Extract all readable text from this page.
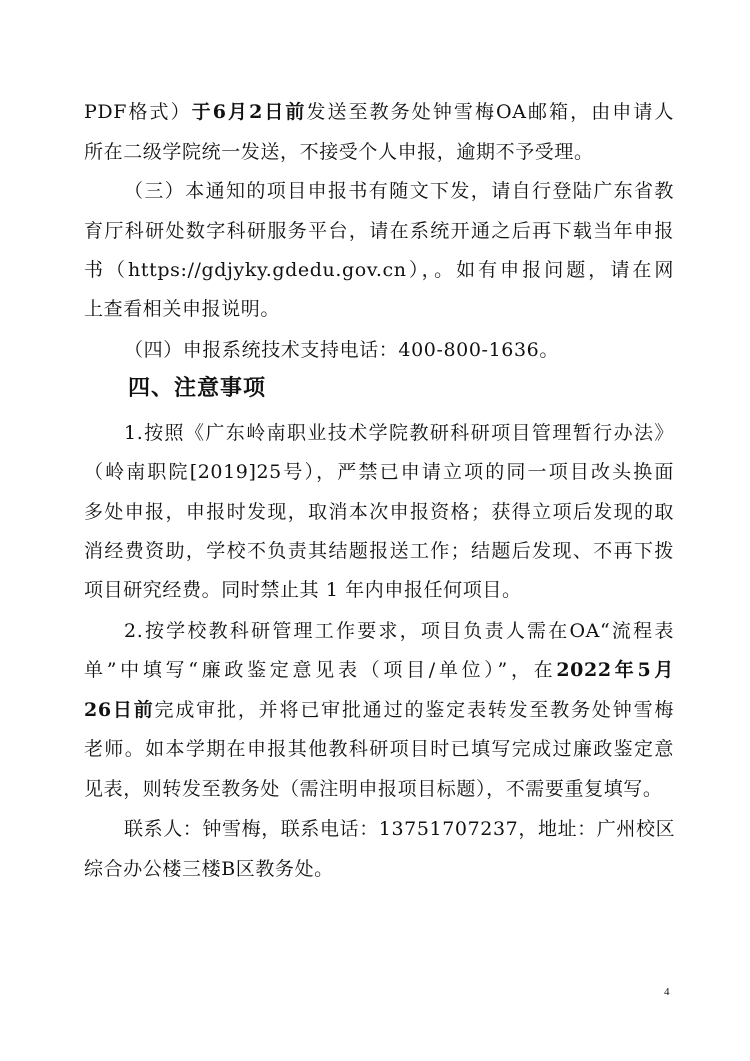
PDF格式）于6月2日前发送至教务处钟雪梅OA邮箱，由申请人
所在二级学院统一发送，不接受个人申报，逾期不予受理。
（三）本通知的项目申报书有随文下发，请自行登陆广东省教
育厅科研处数字科研服务平台，请在系统开通之后再下载当年申报
书（https://gdjyky.gdedu.gov.cn），。如有申报问题，请在网
上查看相关申报说明。
（四）申报系统技术支持电话：400-800-1636。
四、注意事项
1.按照《广东岭南职业技术学院教研科研项目管理暂行办法》
（岭南职院[2019]25号），严禁已申请立项的同一项目改头换面
多处申报，申报时发现，取消本次申报资格；获得立项后发现的取
消经费资助，学校不负责其结题报送工作；结题后发现、不再下拨
项目研究经费。同时禁止其 1 年内申报任何项目。
2.按学校教科研管理工作要求，项目负责人需在OA“流程表
单”中填写“廉政鉴定意见表（项目/单位）”，在2022年5月
26日前完成审批，并将已审批通过的鉴定表转发至教务处钟雪梅
老师。如本学期在申报其他教科研项目时已填写完成过廉政鉴定意
见表，则转发至教务处（需注明申报项目标题），不需要重复填写。
联系人：钟雪梅，联系电话：13751707237，地址：广州校区
综合办公楼三楼B区教务处。
4
